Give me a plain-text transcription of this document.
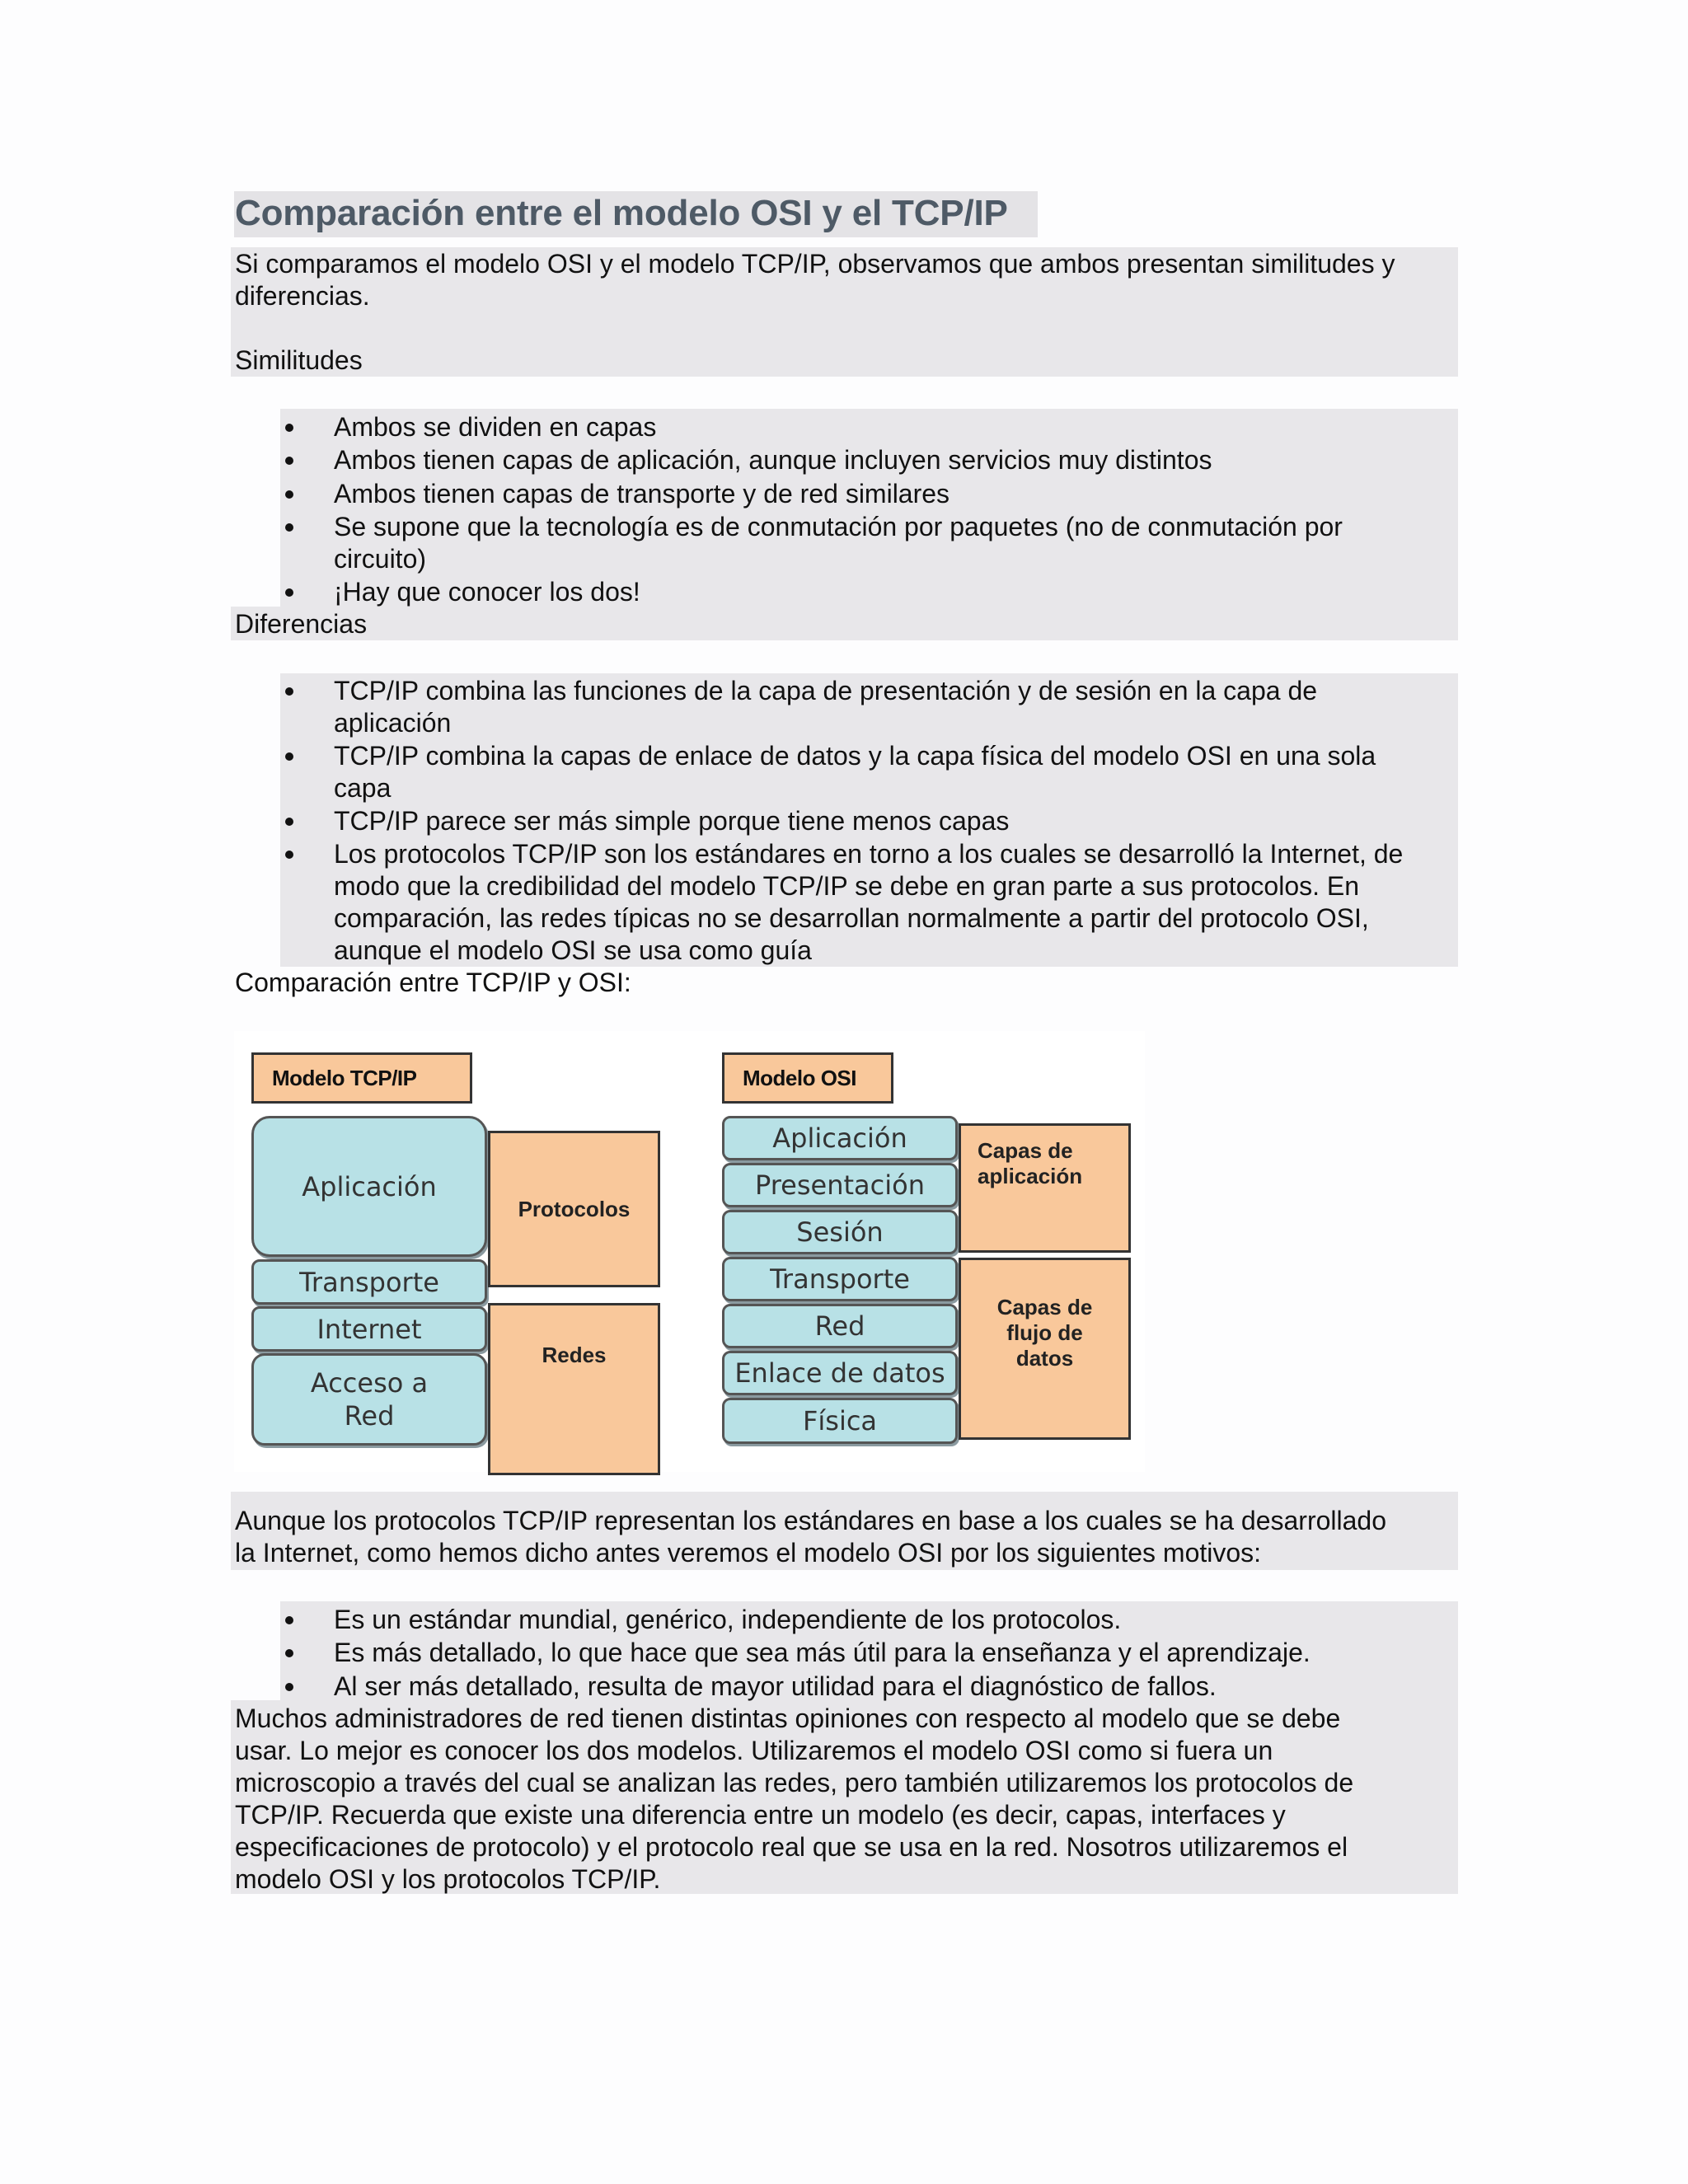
Comparación entre el modelo OSI y el TCP/IP
Si comparamos el modelo OSI y el modelo TCP/IP, observamos que ambos presentan similitudes y
diferencias.
Similitudes
Ambos se dividen en capas
Ambos tienen capas de aplicación, aunque incluyen servicios muy distintos
Ambos tienen capas de transporte y de red similares
Se supone que la tecnología es de conmutación por paquetes (no de conmutación por
circuito)
¡Hay que conocer los dos!
Diferencias
TCP/IP combina las funciones de la capa de presentación y de sesión en la capa de
aplicación
TCP/IP combina la capas de enlace de datos y la capa física del modelo OSI en una sola
capa
TCP/IP parece ser más simple porque tiene menos capas
Los protocolos TCP/IP son los estándares en torno a los cuales se desarrolló la Internet, de
modo que la credibilidad del modelo TCP/IP se debe en gran parte a sus protocolos. En
comparación, las redes típicas no se desarrollan normalmente a partir del protocolo OSI,
aunque el modelo OSI se usa como guía
Comparación entre TCP/IP y OSI:
Modelo TCP/IP
Aplicación
Transporte
Internet
Acceso a
Red
Protocolos
Redes
Modelo OSI
Aplicación
Presentación
Sesión
Transporte
Red
Enlace de datos
Física
Capas de
aplicación
Capas de
flujo de
datos
Aunque los protocolos TCP/IP representan los estándares en base a los cuales se ha desarrollado
la Internet, como hemos dicho antes veremos el modelo OSI por los siguientes motivos:
Es un estándar mundial, genérico, independiente de los protocolos.
Es más detallado, lo que hace que sea más útil para la enseñanza y el aprendizaje.
Al ser más detallado, resulta de mayor utilidad para el diagnóstico de fallos.
Muchos administradores de red tienen distintas opiniones con respecto al modelo que se debe
usar. Lo mejor es conocer los dos modelos. Utilizaremos el modelo OSI como si fuera un
microscopio a través del cual se analizan las redes, pero también utilizaremos los protocolos de
TCP/IP. Recuerda que existe una diferencia entre un modelo (es decir, capas, interfaces y
especificaciones de protocolo) y el protocolo real que se usa en la red. Nosotros utilizaremos el
modelo OSI y los protocolos TCP/IP.
